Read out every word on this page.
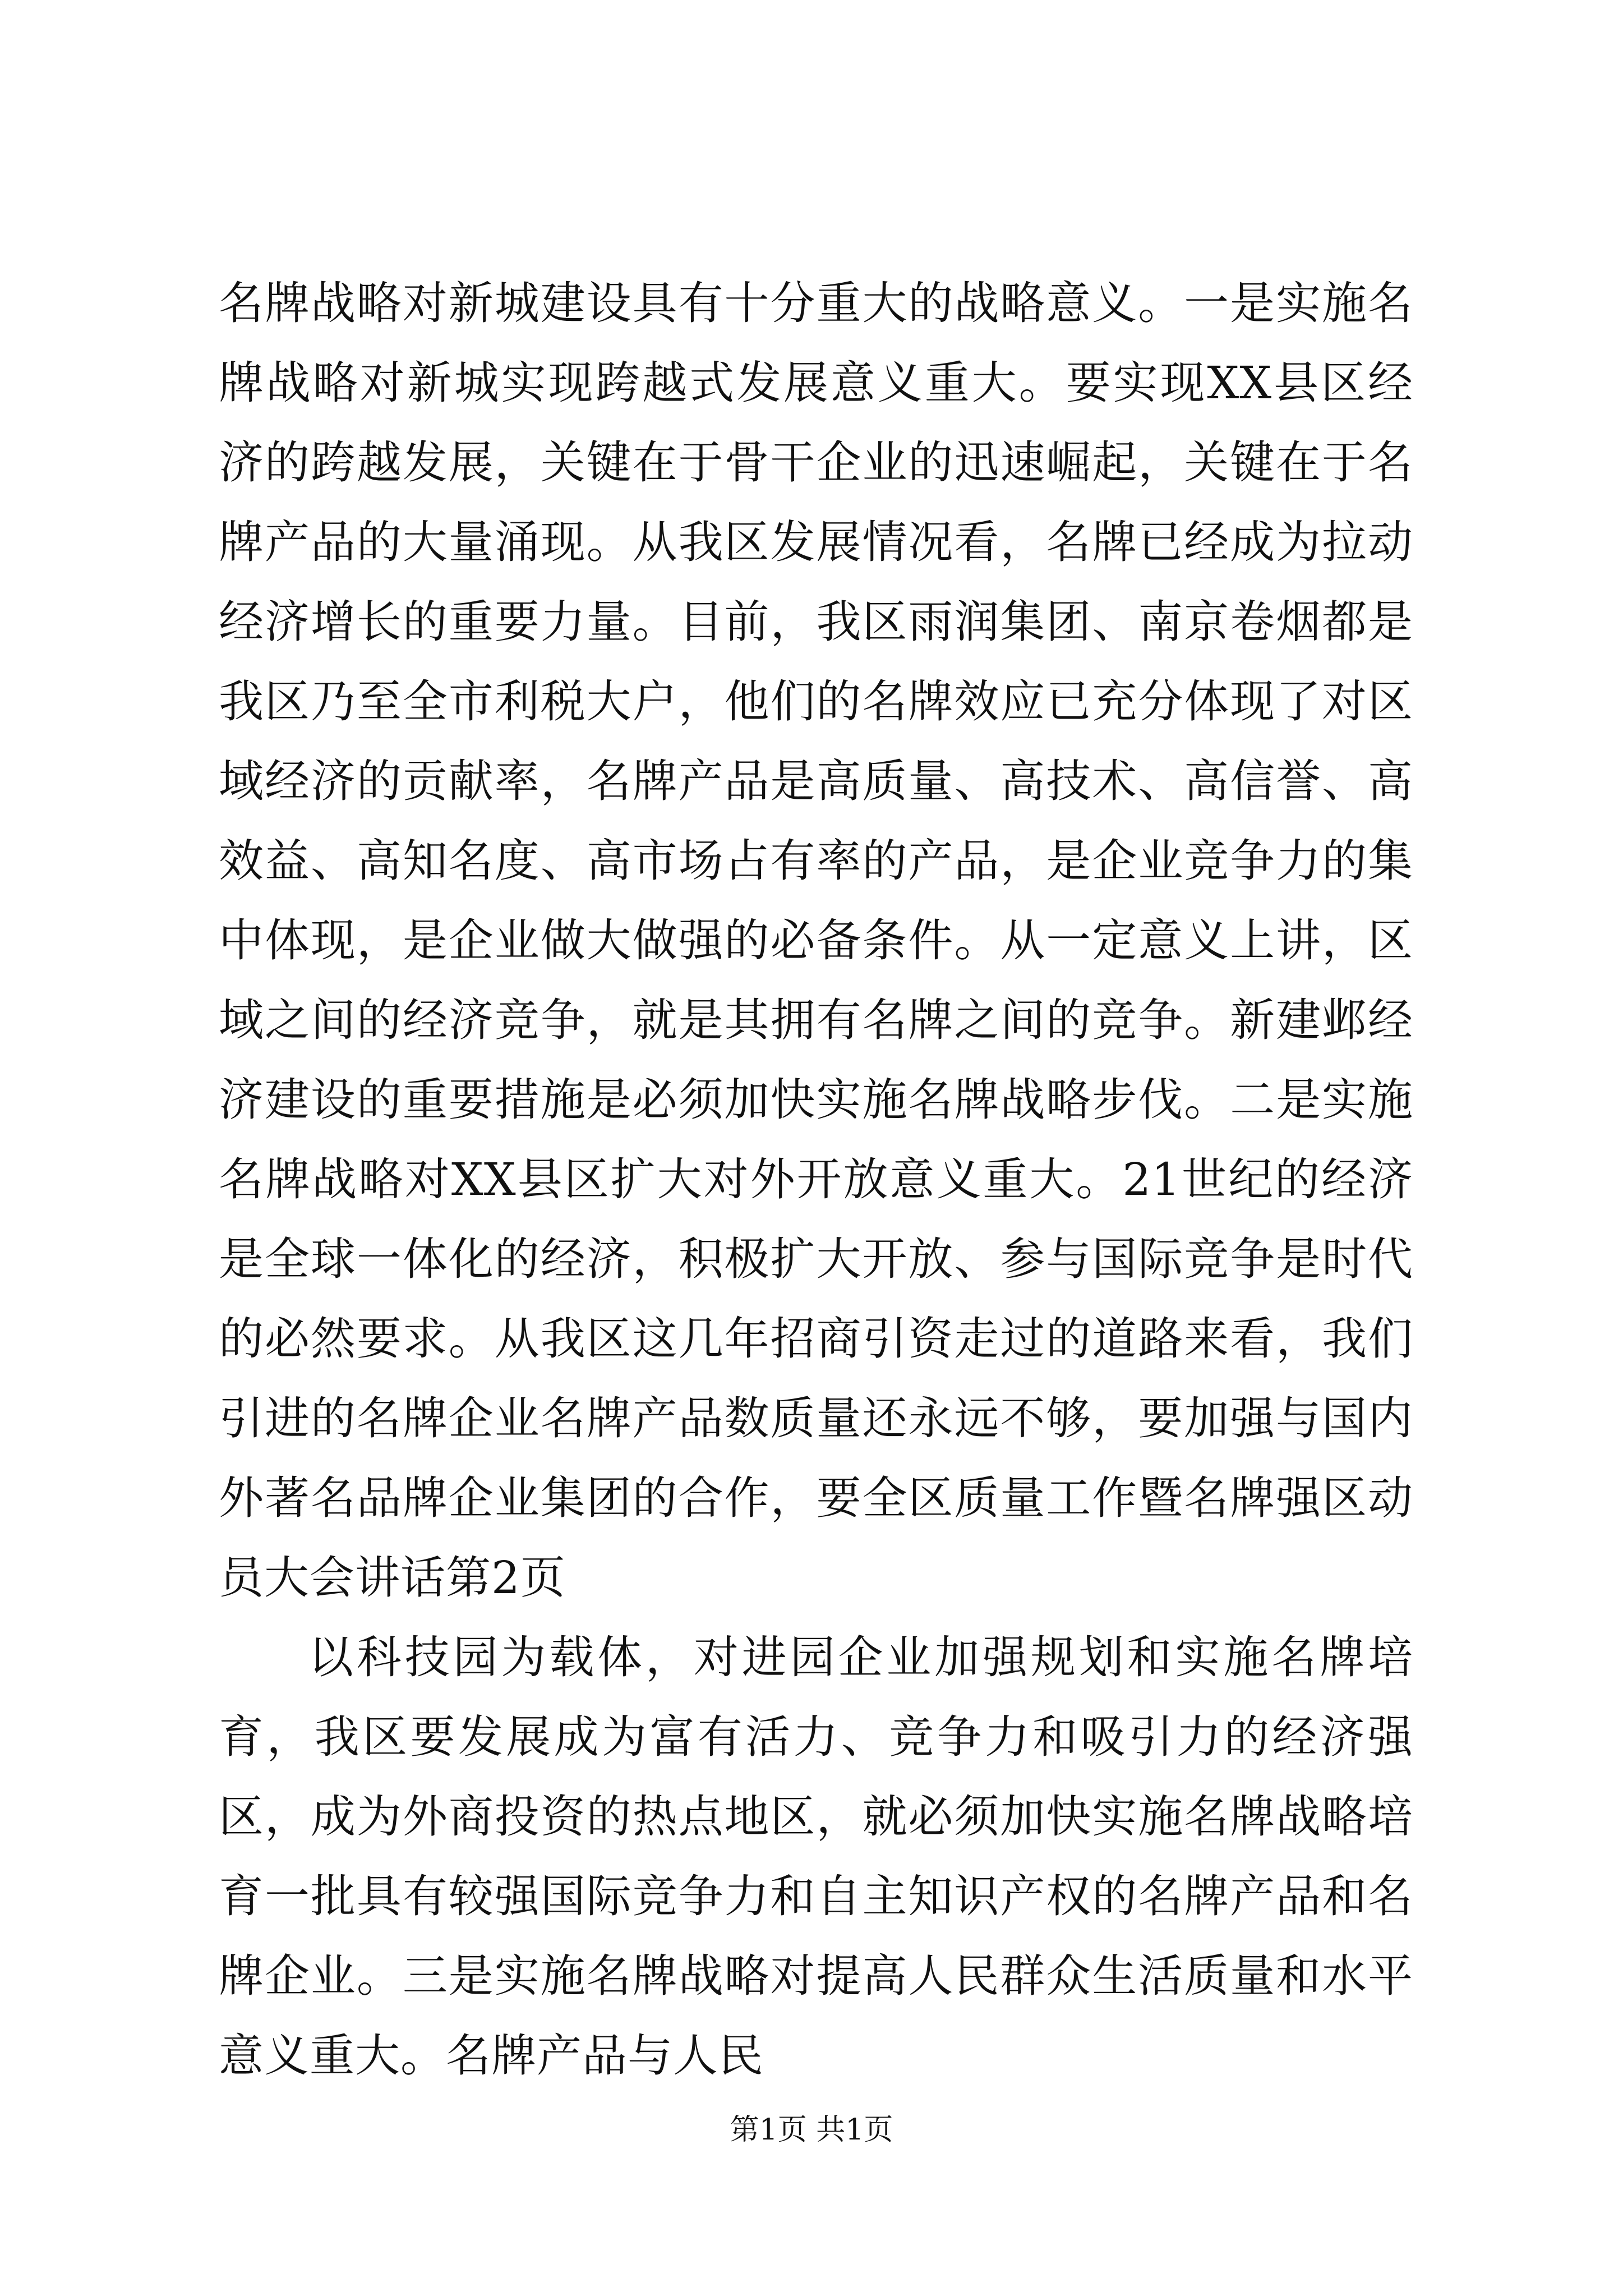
名牌战略对新城建设具有十分重大的战略意义。一是实施名牌战略对新城实现跨越式发展意义重大。要实现XX县区经济的跨越发展，关键在于骨干企业的迅速崛起，关键在于名牌产品的大量涌现。从我区发展情况看，名牌已经成为拉动经济增长的重要力量。目前，我区雨润集团、南京卷烟都是我区乃至全市利税大户，他们的名牌效应已充分体现了对区域经济的贡献率，名牌产品是高质量、高技术、高信誉、高效益、高知名度、高市场占有率的产品，是企业竞争力的集中体现，是企业做大做强的必备条件。从一定意义上讲，区域之间的经济竞争，就是其拥有名牌之间的竞争。新建邺经济建设的重要措施是必须加快实施名牌战略步伐。二是实施名牌战略对XX县区扩大对外开放意义重大。21世纪的经济是全球一体化的经济，积极扩大开放、参与国际竞争是时代的必然要求。从我区这几年招商引资走过的道路来看，我们引进的名牌企业名牌产品数质量还永远不够，要加强与国内外著名品牌企业集团的合作，要全区质量工作暨名牌强区动员大会讲话第2页

以科技园为载体，对进园企业加强规划和实施名牌培育，我区要发展成为富有活力、竞争力和吸引力的经济强区，成为外商投资的热点地区，就必须加快实施名牌战略培育一批具有较强国际竞争力和自主知识产权的名牌产品和名牌企业。三是实施名牌战略对提高人民群众生活质量和水平意义重大。名牌产品与人民

第1页 共1页
